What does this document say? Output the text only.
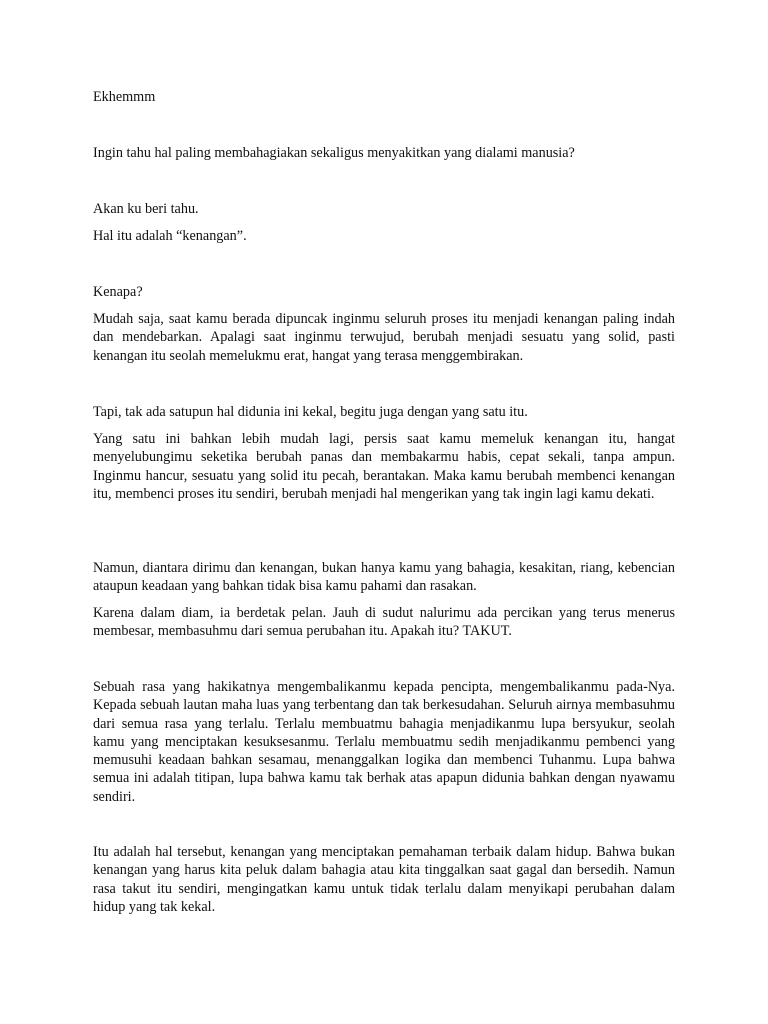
Ekhemmm

Ingin tahu hal paling membahagiakan sekaligus menyakitkan yang dialami manusia?

Akan ku beri tahu.

Hal itu adalah “kenangan”.

Kenapa?

Mudah saja, saat kamu berada dipuncak inginmu seluruh proses itu menjadi kenangan paling indah dan mendebarkan. Apalagi saat inginmu terwujud, berubah menjadi sesuatu yang solid, pasti kenangan itu seolah memelukmu erat, hangat yang terasa menggembirakan.

Tapi, tak ada satupun hal didunia ini kekal, begitu juga dengan yang satu itu.

Yang satu ini bahkan lebih mudah lagi, persis saat kamu memeluk kenangan itu, hangat menyelubungimu seketika berubah panas dan membakarmu habis, cepat sekali, tanpa ampun. Inginmu hancur, sesuatu yang solid itu pecah, berantakan. Maka kamu berubah membenci kenangan itu, membenci proses itu sendiri, berubah menjadi hal mengerikan yang tak ingin lagi kamu dekati.

Namun, diantara dirimu dan kenangan, bukan hanya kamu yang bahagia, kesakitan, riang, kebencian ataupun keadaan yang bahkan tidak bisa kamu pahami dan rasakan.

Karena dalam diam, ia berdetak pelan. Jauh di sudut nalurimu ada percikan yang terus menerus membesar, membasuhmu dari semua perubahan itu. Apakah itu? TAKUT.

Sebuah rasa yang hakikatnya mengembalikanmu kepada pencipta, mengembalikanmu pada-Nya. Kepada sebuah lautan maha luas yang terbentang dan tak berkesudahan. Seluruh airnya membasuhmu dari semua rasa yang terlalu. Terlalu membuatmu bahagia menjadikanmu lupa bersyukur, seolah kamu yang menciptakan kesuksesanmu. Terlalu membuatmu sedih menjadikanmu pembenci yang memusuhi keadaan bahkan sesamau, menanggalkan logika dan membenci Tuhanmu. Lupa bahwa semua ini adalah titipan, lupa bahwa kamu tak berhak atas apapun didunia bahkan dengan nyawamu sendiri.

Itu adalah hal tersebut, kenangan yang menciptakan pemahaman terbaik dalam hidup. Bahwa bukan kenangan yang harus kita peluk dalam bahagia atau kita tinggalkan saat gagal dan bersedih. Namun rasa takut itu sendiri, mengingatkan kamu untuk tidak terlalu dalam menyikapi perubahan dalam hidup yang tak kekal.
